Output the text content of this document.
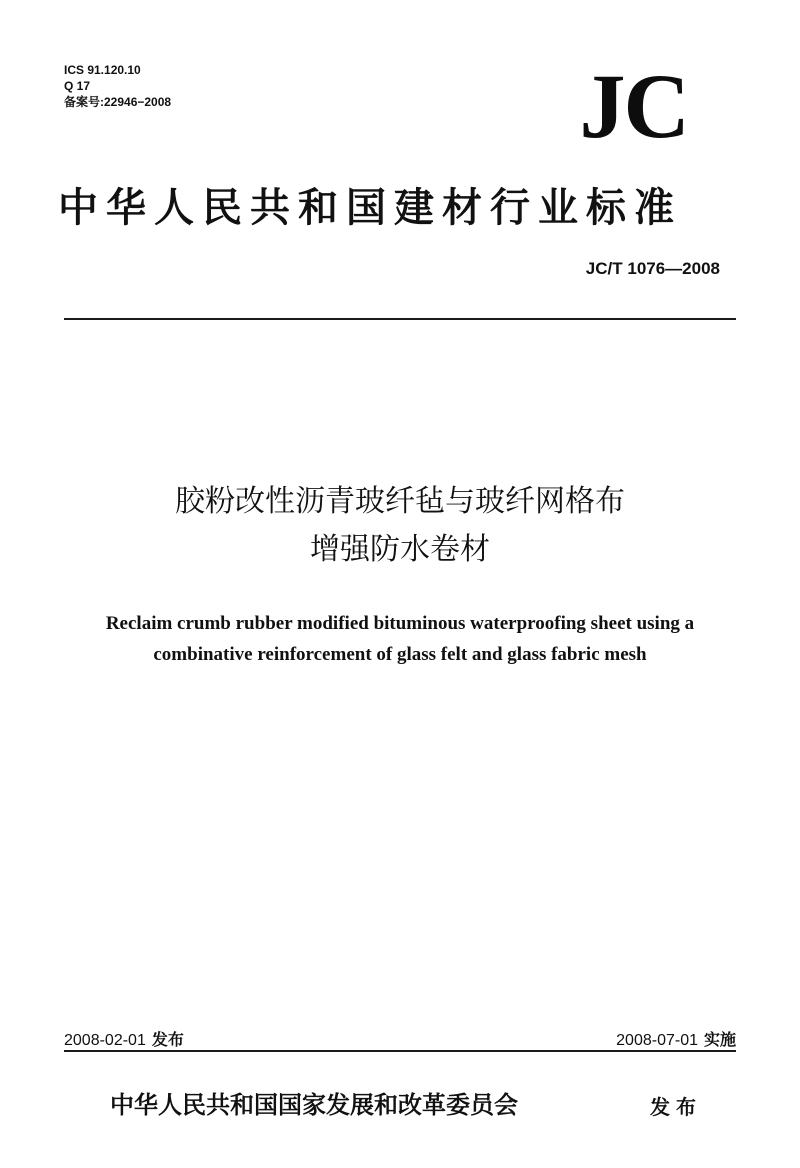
ICS 91.120.10
Q 17
备案号:22946−2008	JC
中华人民共和国建材行业标准
JC/T 1076—2008
胶粉改性沥青玻纤毡与玻纤网格布
增强防水卷材
Reclaim crumb rubber modified bituminous waterproofing sheet using a
combinative reinforcement of glass felt and glass fabric mesh
2008-02-01 发布	2008-07-01 实施
中华人民共和国国家发展和改革委员会	发布
